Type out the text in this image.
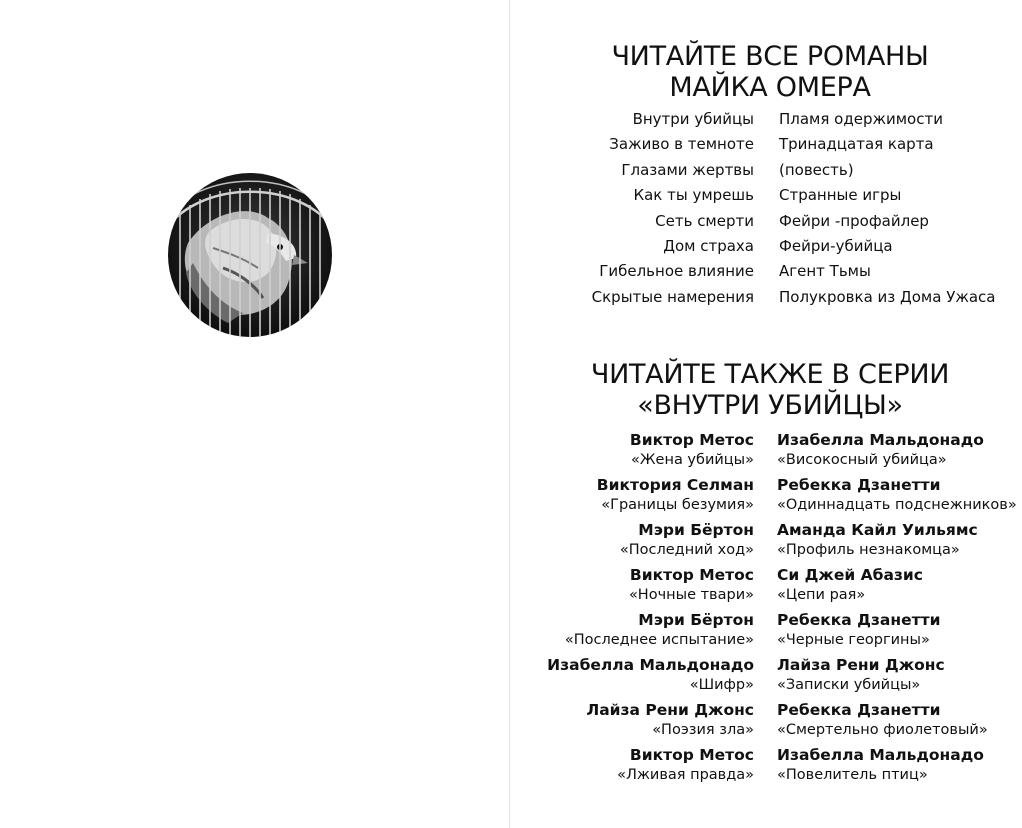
ЧИТАЙТЕ ВСЕ РОМАНЫ
МАЙКА ОМЕРА
Внутри убийцы
Заживо в темноте
Глазами жертвы
Как ты умрешь
Сеть смерти
Дом страха
Гибельное влияние
Скрытые намерения
Пламя одержимости
Тринадцатая карта
(повесть)
Странные игры
Фейри -профайлер
Фейри-убийца
Агент Тьмы
Полукровка из Дома Ужаса
ЧИТАЙТЕ ТАКЖЕ В СЕРИИ
«ВНУТРИ УБИЙЦЫ»
Виктор Метос
«Жена убийцы»
Виктория Селман
«Границы безумия»
Мэри Бёртон
«Последний ход»
Виктор Метос
«Ночные твари»
Мэри Бёртон
«Последнее испытание»
Изабелла Мальдонадо
«Шифр»
Лайза Рени Джонс
«Поэзия зла»
Виктор Метос
«Лживая правда»
Изабелла Мальдонадо
«Високосный убийца»
Ребекка Дзанетти
«Одиннадцать подснежников»
Аманда Кайл Уильямс
«Профиль незнакомца»
Си Джей Абазис
«Цепи рая»
Ребекка Дзанетти
«Черные георгины»
Лайза Рени Джонс
«Записки убийцы»
Ребекка Дзанетти
«Смертельно фиолетовый»
Изабелла Мальдонадо
«Повелитель птиц»
